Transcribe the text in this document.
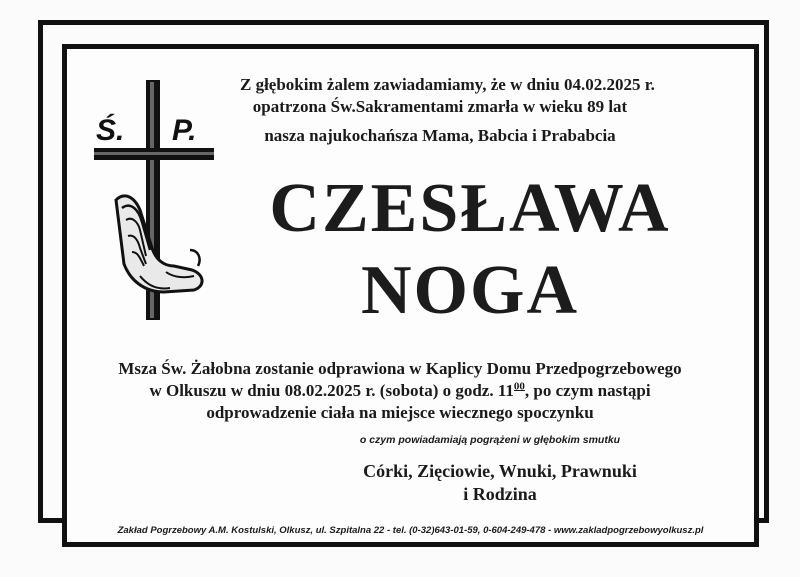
Ś. P.
Z głębokim żalem zawiadamiamy, że w dniu 04.02.2025 r.
opatrzona Św.Sakramentami zmarła w wieku 89 lat
nasza najukochańsza Mama, Babcia i Prababcia
CZESŁAWA
NOGA
Msza Św. Żałobna zostanie odprawiona w Kaplicy Domu Przedpogrzebowego
w Olkuszu w dniu 08.02.2025 r. (sobota) o godz. $11^{00}$, po czym nastąpi
odprowadzenie ciała na miejsce wiecznego spoczynku
o czym powiadamiają pogrążeni w głębokim smutku
Córki, Zięciowie, Wnuki, Prawnuki
i Rodzina
Zakład Pogrzebowy A.M. Kostulski, Olkusz, ul. Szpitalna 22 - tel. (0-32)643-01-59, 0-604-249-478 - www.zakladpogrzebowyolkusz.pl
